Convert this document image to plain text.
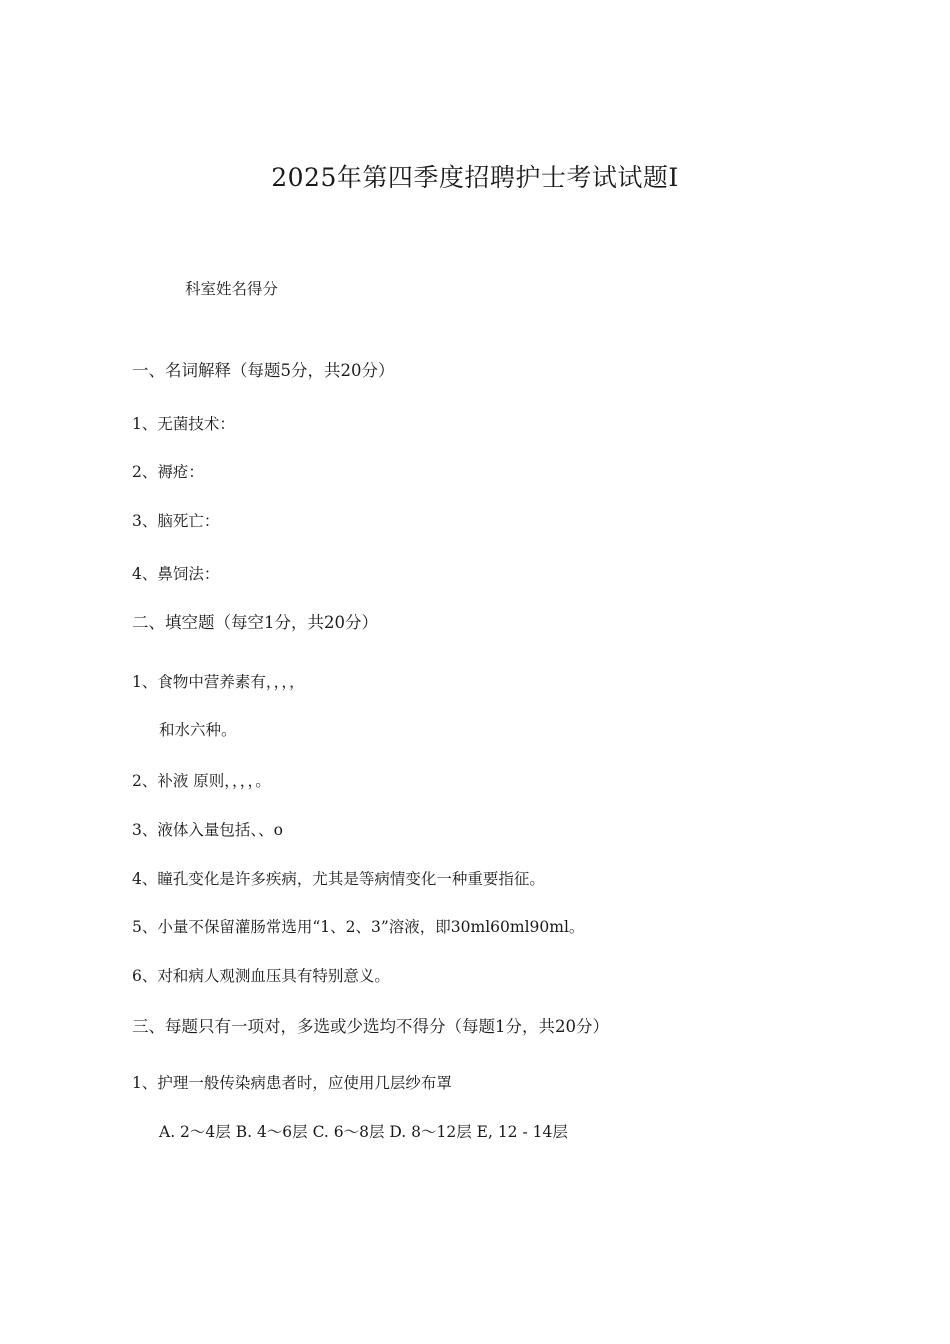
2025年第四季度招聘护士考试试题I
科室姓名得分
一、名词解释（每题5分，共20分）
1、无菌技术：
2、褥疮：
3、脑死亡：
4、鼻饲法：
二、填空题（每空1分，共20分）
1、食物中营养素有，，，，
和水六种。
2、补液 原则，，，，。
3、液体入量包括、、o
4、瞳孔变化是许多疾病，尤其是等病情变化一种重要指征。
5、小量不保留灌肠常选用“1、2、3”溶液，即30ml60ml90ml。
6、对和病人观测血压具有特别意义。
三、每题只有一项对，多选或少选均不得分（每题1分，共20分）
1、护理一般传染病患者时，应使用几层纱布罩
A. 2～4层 B. 4～6层 C. 6～8层 D. 8～12层 E, 12 - 14层
